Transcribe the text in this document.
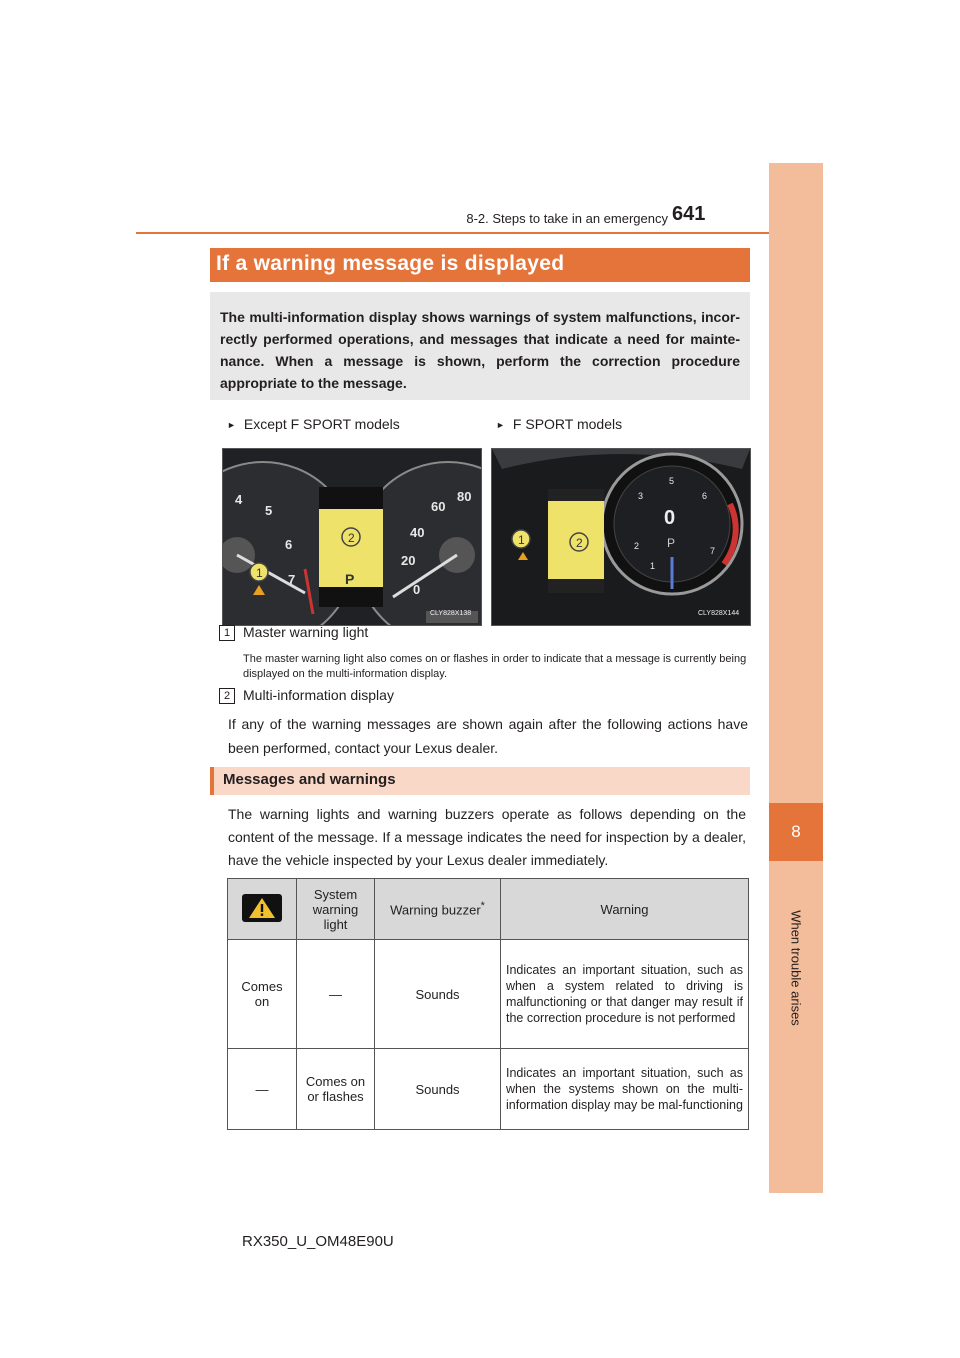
8-2. Steps to take in an emergency 641
8
When trouble arises
If a warning message is displayed
The multi-information display shows warnings of system malfunctions, incor-rectly performed operations, and messages that indicate a need for mainte-nance. When a message is shown, perform the correction procedure appropriate to the message.
► Except F SPORT models	► F SPORT models
4
5
6
7
80
60
40
20
0
P
2
1
CLY828X138
3
5
6
2
1
7
0
P
2
1
CLY828X144
1 Master warning light
The master warning light also comes on or flashes in order to indicate that a message is currently being displayed on the multi-information display.
2 Multi-information display
If any of the warning messages are shown again after the following actions have been performed, contact your Lexus dealer.
Messages and warnings
The warning lights and warning buzzers operate as follows depending on the content of the message. If a message indicates the need for inspection by a dealer, have the vehicle inspected by your Lexus dealer immediately.
	System warning light	Warning buzzer*	Warning
Comes on	—	Sounds	Indicates an important situation, such as when a system related to driving is malfunctioning or that danger may result if the correction procedure is not performed
—	Comes on or flashes	Sounds	Indicates an important situation, such as when the systems shown on the multi-information display may be mal-functioning
RX350_U_OM48E90U
